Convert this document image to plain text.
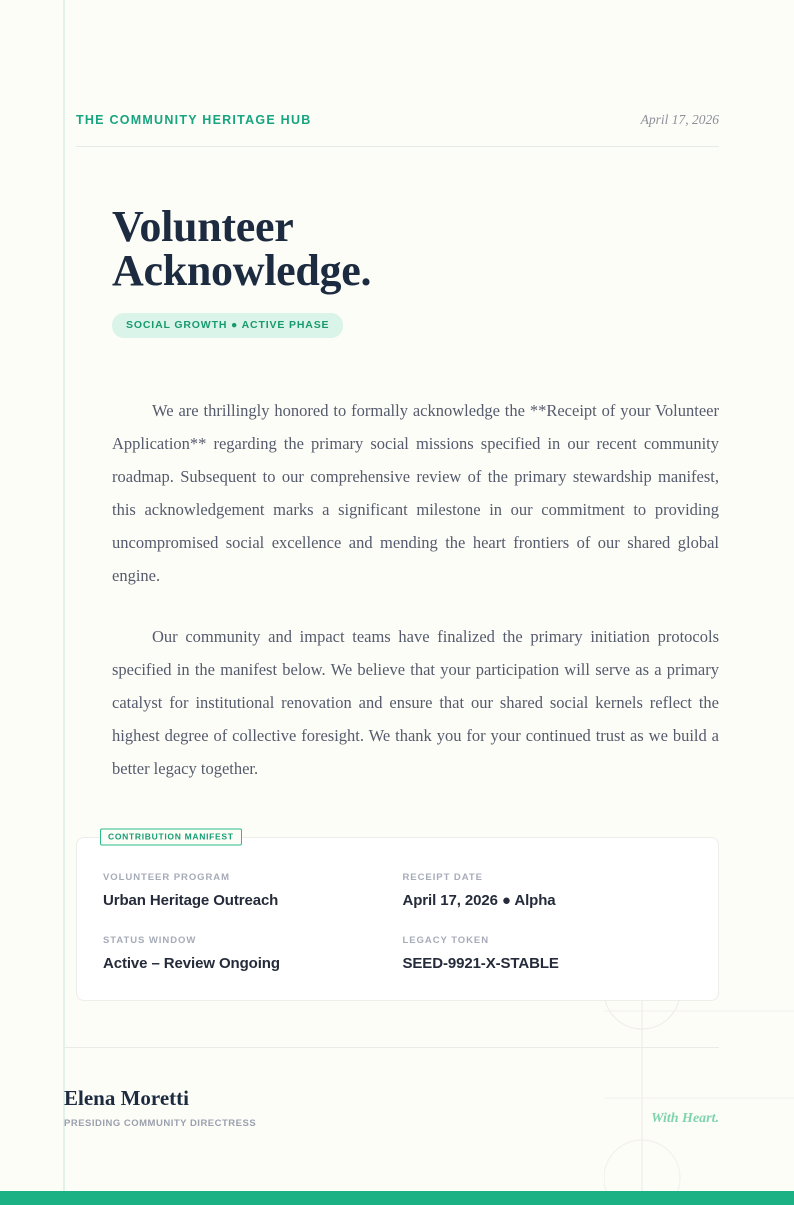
THE COMMUNITY HERITAGE HUB	April 17, 2026
Volunteer
Acknowledge.
SOCIAL GROWTH ● ACTIVE PHASE

We are thrillingly honored to formally acknowledge the **Receipt of your Volunteer Application** regarding the primary social missions specified in our recent community roadmap. Subsequent to our comprehensive review of the primary stewardship manifest, this acknowledgement marks a significant milestone in our commitment to providing uncompromised social excellence and mending the heart frontiers of our shared global engine.

Our community and impact teams have finalized the primary initiation protocols specified in the manifest below. We believe that your participation will serve as a primary catalyst for institutional renovation and ensure that our shared social kernels reflect the highest degree of collective foresight. We thank you for your continued trust as we build a better legacy together.

CONTRIBUTION MANIFEST
VOLUNTEER PROGRAM
Urban Heritage Outreach
RECEIPT DATE
April 17, 2026 ● Alpha
STATUS WINDOW
Active – Review Ongoing
LEGACY TOKEN
SEED-9921-X-STABLE
Elena Moretti
PRESIDING COMMUNITY DIRECTRESS	With Heart.
